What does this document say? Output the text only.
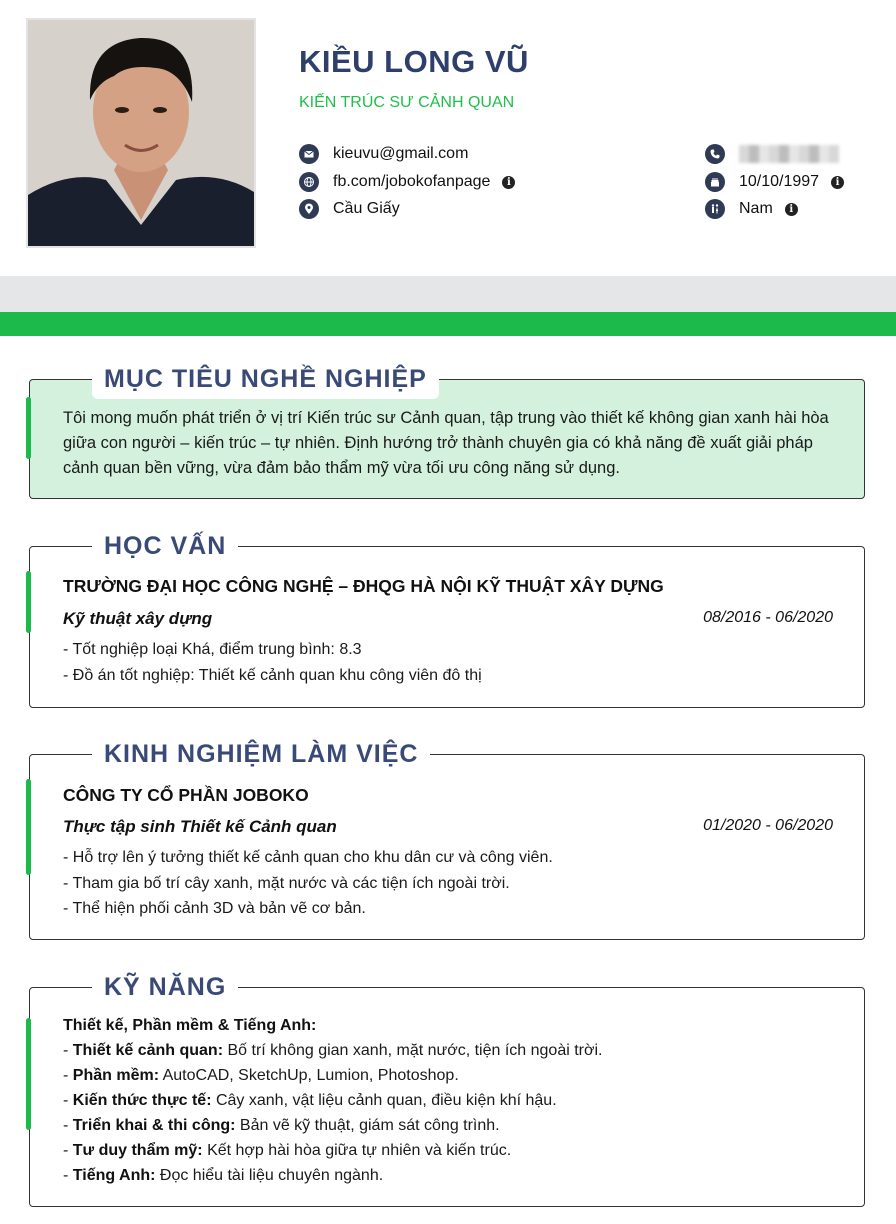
KIỀU LONG VŨ
KIẾN TRÚC SƯ CẢNH QUAN
kieuvu@gmail.com
fb.com/jobokofanpage	i
Cầu Giấy
10/10/1997	i
Nam	i
MỤC TIÊU NGHỀ NGHIỆP
Tôi mong muốn phát triển ở vị trí Kiến trúc sư Cảnh quan, tập trung vào thiết kế không gian xanh hài hòa giữa con người – kiến trúc – tự nhiên. Định hướng trở thành chuyên gia có khả năng đề xuất giải pháp cảnh quan bền vững, vừa đảm bảo thẩm mỹ vừa tối ưu công năng sử dụng.
HỌC VẤN
TRƯỜNG ĐẠI HỌC CÔNG NGHỆ – ĐHQG HÀ NỘI KỸ THUẬT XÂY DỰNG
Kỹ thuật xây dựng	08/2016 - 06/2020
- Tốt nghiệp loại Khá, điểm trung bình: 8.3
- Đồ án tốt nghiệp: Thiết kế cảnh quan khu công viên đô thị
KINH NGHIỆM LÀM VIỆC
CÔNG TY CỔ PHẦN JOBOKO
Thực tập sinh Thiết kế Cảnh quan	01/2020 - 06/2020
- Hỗ trợ lên ý tưởng thiết kế cảnh quan cho khu dân cư và công viên.
- Tham gia bố trí cây xanh, mặt nước và các tiện ích ngoài trời.
- Thể hiện phối cảnh 3D và bản vẽ cơ bản.
KỸ NĂNG
Thiết kế, Phần mềm & Tiếng Anh:
- Thiết kế cảnh quan: Bố trí không gian xanh, mặt nước, tiện ích ngoài trời.
- Phần mềm: AutoCAD, SketchUp, Lumion, Photoshop.
- Kiến thức thực tế: Cây xanh, vật liệu cảnh quan, điều kiện khí hậu.
- Triển khai & thi công: Bản vẽ kỹ thuật, giám sát công trình.
- Tư duy thẩm mỹ: Kết hợp hài hòa giữa tự nhiên và kiến trúc.
- Tiếng Anh: Đọc hiểu tài liệu chuyên ngành.
